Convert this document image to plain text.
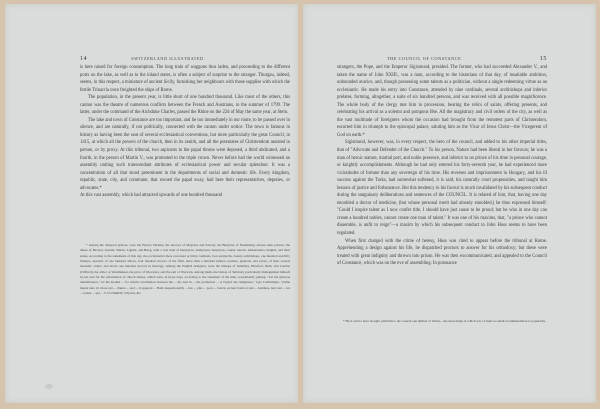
14	SWITZERLAND ILLUSTRATED.

is here raised for foreign consumption. The long train of waggons thus laden, and proceeding to the different ports on the lake, as well as to the inland states, is often a subject of surprise to the stranger. Thurgau, indeed, seems, in this respect, a miniature of ancient Sicily, furnishing her neighbours with those supplies with which the fertile Trinacria once freighted the ships of Rome.

The population, in the present year, is little short of one hundred thousand. Like most of the others, this canton was the theatre of numerous conflicts between the French and Austrians, in the summer of 1799. The latter, under the command of the Archduke Charles, passed the Rhine on the 22d of May the same year, at Stein.

The lake and town of Constance are too important, and lie too immediately in our route, to be passed over in silence, and are naturally, if not politically, connected with the canton under notice. The town is famous in history as having been the seat of several ecclesiastical conventions, but more particularly the great Council, in 1415, at which all the powers of the church, then in its zenith, and all the potentates of Christendom assisted in person, or by proxy. At this tribunal, two aspirants to the papal throne were deposed, a third abdicated, and a fourth, in the person of Martin V., was promoted to the triple crown. Never before had the world witnessed an assembly uniting such transcendant attributes of ecclesiastical power and secular splendour. It was a concentration of all that stood preeminent in the departments of social and domestic life. Every kingdom, republic, state, city, and commune, that owned the papal sway, had here their representatives, deputies, or advocates.*

At this vast assembly, which had attracted upwards of one hundred thousand

* Among the temporal princes, were the Elector Palatine, the electors of Mayence and Saxony, the Burgrave of Nuremberg, eleven other princes, the dukes of Bavaria, Austria, Silesia, Lignitz, and Brieg, with a vast train of margraves, landgraves, burgraves, counts, barons, ambassadors, knights, and their suites. According to the statements of that day, the ecclesiastics there convened or thirty cardinals, four patriarchs, twenty archbishops, one hundred and fifty bishops, upwards of one hundred abbots, four hundred doctors of the faith, more than a hundred inferior prelates, generals, and priors, of their several monastic orders, and above one hundred doctors in theology. Among the English delegates, were the bishops of Salisbury, Hereford, Bath, and London (Clifford), the abbot of Westminster, the prior of Worcester, and the earl of Warwick. Among them, the bishop of Salisbury particularly distinguished himself by his zeal for the reformation of church abuses, which were, in those days, according to the statement of the time, scandalously glaring. "Let his glorious remembrance," let his modest ... for reform conciliation between the ... his zeal in ... his promotion ... A l'egard des religieuses," says Comminges, "j'aime mieux taire ici chose qui ... d'autre ... and ... il opperoit ... Both unquestionably ... has ... plus ... pour ... trouvé, en leur bonté et rien ... hommes, leur tour ... les ... bonne ... qui ... V. D. HARDT, l'Oyloni, &c.

THE COUNCIL OF CONSTANCE.	15

strangers, the Pope, and the Emperor Sigismund, presided. The former, who had succeeded Alexander V., and taken the name of John XXIII., was a man, according to the historians of that day, of insatiable ambition, unbounded avarice, and, though possessing some talents as a politician, without a single redeeming virtue as an ecclesiastic. He made his entry into Constance, attended by nine cardinals, several archbishops and inferior prelates, forming, altogether, a suite of six hundred persons, and was received with all possible magnificence. The whole body of the clergy met him in procession, bearing the relics of saints, offering presents, and celebrating his arrival as a solemn and pompous fête. All the magistracy and civil orders of the city, as well as the vast multitude of foreigners whom the occasion had brought from the remotest parts of Christendom, escorted him in triumph to the episcopal palace, saluting him as the Vicar of Jesus Christ—the Vicegerent of God on earth.*

Sigismund, however, was, in every respect, the hero of the council, and added to his other imperial titles, that of "Advocate and Defender of the Church." To his person, Nature had been liberal in her favours; he was a man of heroic stature, martial port, and noble presence, and inferior to no prince of his time in personal courage, or knightly accomplishments. Although he had only entered his forty-seventh year, he had experienced more vicissitudes of fortune than any sovereign of his time. His reverses and imprisonment in Hungary, and his ill success against the Turks, had somewhat softened, it is said, his naturally cruel propensities, and taught him lessons of justice and forbearance. But this tendency in his favour is much invalidated by his subsequent conduct during the sanguinary deliberations and sentences of the COUNCIL. It is related of him, that, having one day ennobled a doctor of medicine, (but whose personal merit had already ennobled,) he thus expressed himself: "Could I inspire talent as I now confer title, I should have just cause to be proud; but he who in one day can create a hundred nobles, cannot create one man of talent." It was one of his maxims, that, "a prince who cannot dissemble, is unfit to reign"—a maxim by which his subsequent conduct to John Huss seems to have been regulated.

When first charged with the crime of heresy, Huss was cited to appear before the tribunal at Rome. Apprehending a design against his life, he dispatched proctors to answer for his orthodoxy; but these were treated with great indignity and thrown into prison. He was then excommunicated, and appealed to the Council of Constance, which was on the eve of assembling. In pursuance

* He is said to have brought with him to the council one million of florins—the knowledge of which was of itself no small recommendation to popularity.
